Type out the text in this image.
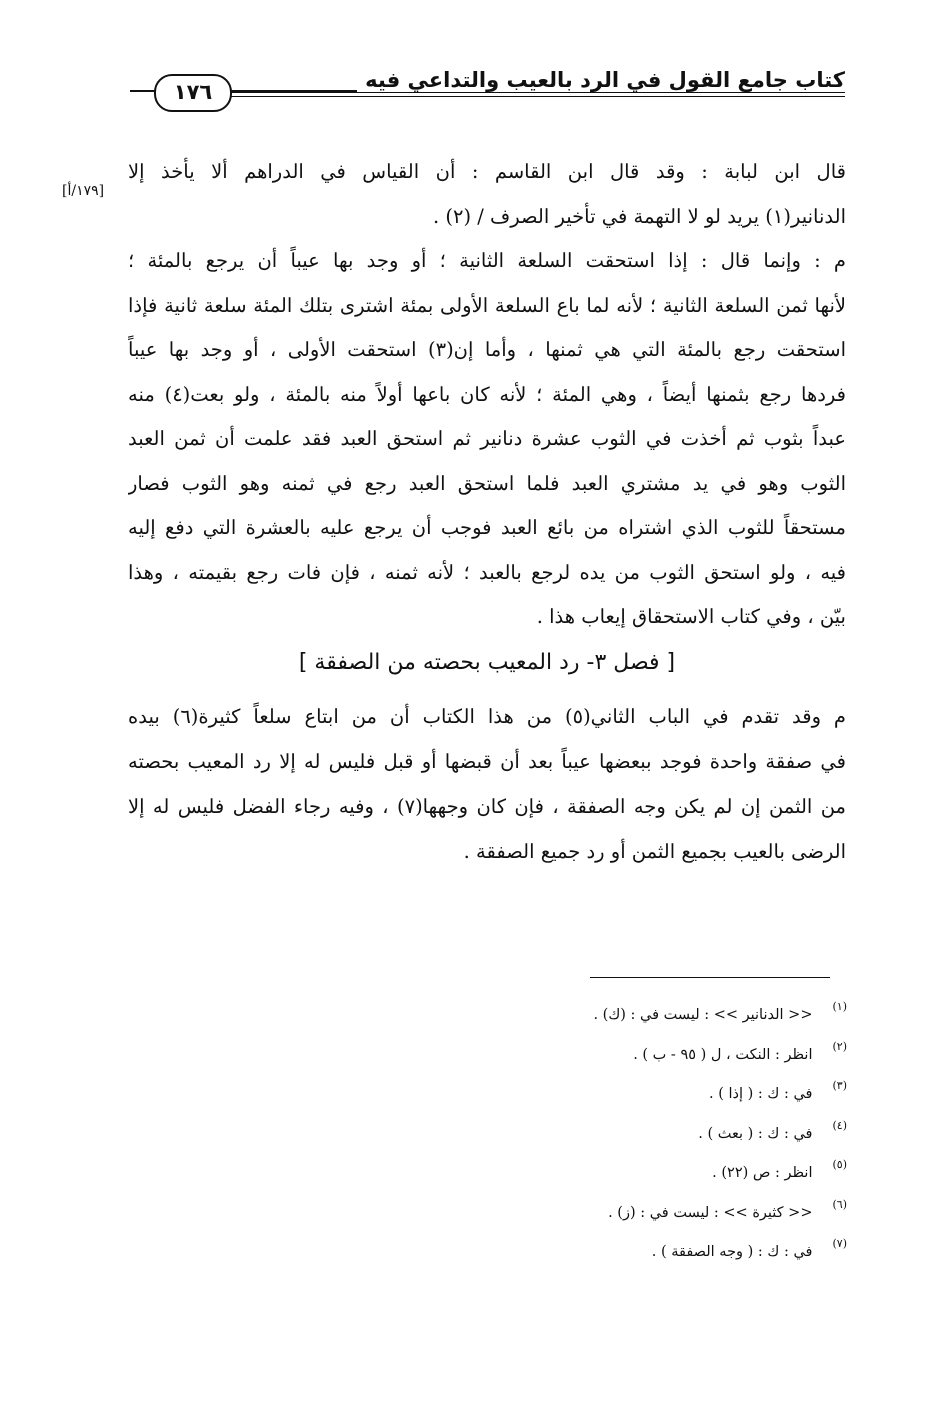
كتاب جامع القول في الرد بالعيب والتداعي فيه
١٧٦
[١٧٩/أ]
قال ابن لبابة : وقد قال ابن القاسم : أن القياس في الدراهم ألا يأخذ إلا
الدنانير(١) يريد لو لا التهمة في تأخير الصرف / (٢) .
م : وإنما قال : إذا استحقت السلعة الثانية ؛ أو وجد بها عيباً أن يرجع بالمئة ؛
لأنها ثمن السلعة الثانية ؛ لأنه لما باع السلعة الأولى بمئة اشترى بتلك المئة سلعة ثانية فإذا
استحقت رجع بالمئة التي هي ثمنها ، وأما إن(٣) استحقت الأولى ، أو وجد بها عيباً
فردها رجع بثمنها أيضاً ، وهي المئة ؛ لأنه كان باعها أولاً منه بالمئة ، ولو بعت(٤) منه
عبداً بثوب ثم أخذت في الثوب عشرة دنانير ثم استحق العبد فقد علمت أن ثمن العبد
الثوب وهو في يد مشتري العبد فلما استحق العبد رجع في ثمنه وهو الثوب فصار
مستحقاً للثوب الذي اشتراه من بائع العبد فوجب أن يرجع عليه بالعشرة التي دفع إليه
فيه ، ولو استحق الثوب من يده لرجع بالعبد ؛ لأنه ثمنه ، فإن فات رجع بقيمته ، وهذا
بيّن ، وفي كتاب الاستحقاق إيعاب هذا .
[ فصل ٣- رد المعيب بحصته من الصفقة ]
م وقد تقدم في الباب الثاني(٥) من هذا الكتاب أن من ابتاع سلعاً كثيرة(٦) بيده
في صفقة واحدة فوجد ببعضها عيباً بعد أن قبضها أو قبل فليس له إلا رد المعيب بحصته
من الثمن إن لم يكن وجه الصفقة ، فإن كان وجهها(٧) ، وفيه رجاء الفضل فليس له إلا
الرضى بالعيب بجميع الثمن أو رد جميع الصفقة .
(١)<< الدنانير >> : ليست في : (ك) .
(٢)انظر : النكت ، ل ( ٩٥ - ب ) .
(٣)في : ك : ( إذا ) .
(٤)في : ك : ( بعث ) .
(٥)انظر : ص (٢٢) .
(٦)<< كثيرة >> : ليست في : (ز) .
(٧)في : ك : ( وجه الصفقة ) .
